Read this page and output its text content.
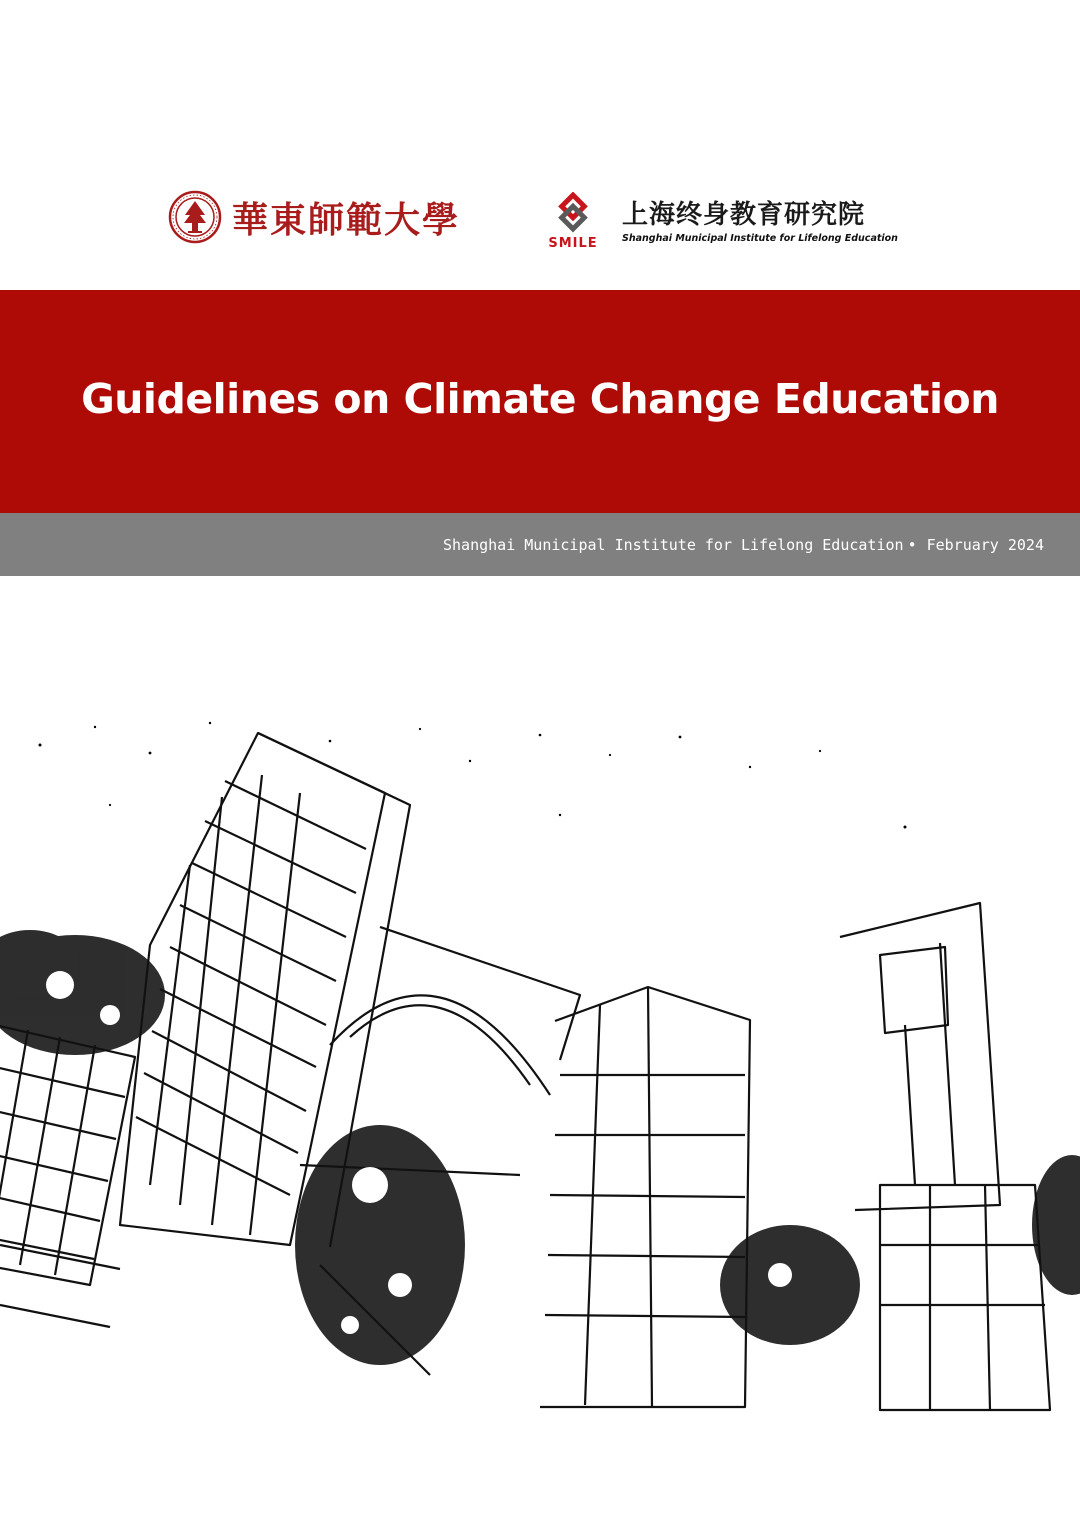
華東師範大學
SMILE
上海终身教育研究院
Shanghai Municipal Institute for Lifelong Education
Guidelines on Climate Change Education
Shanghai Municipal Institute for Lifelong Education • February 2024
